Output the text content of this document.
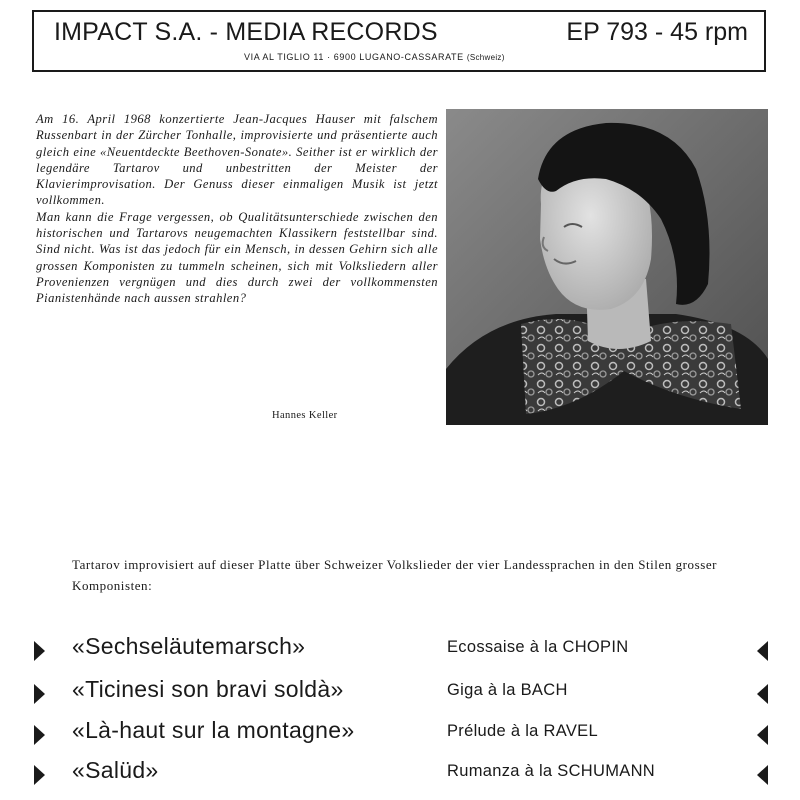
IMPACT S.A. - MEDIA RECORDS	EP 793 - 45 rpm
VIA AL TIGLIO 11 · 6900 LUGANO-CASSARATE (Schweiz)

Am 16. April 1968 konzertierte Jean-Jacques Hauser mit falschem Russenbart in der Zürcher Tonhalle, improvisierte und präsentierte auch gleich eine «Neuentdeckte Beethoven-Sonate». Seither ist er wirklich der legendäre Tartarov und unbestritten der Meister der Klavierimprovisation. Der Genuss dieser einmaligen Musik ist jetzt vollkommen.

Man kann die Frage vergessen, ob Qualitätsunterschiede zwischen den historischen und Tartarovs neugemachten Klassikern feststellbar sind. Sind nicht. Was ist das jedoch für ein Mensch, in dessen Gehirn sich alle grossen Komponisten zu tummeln scheinen, sich mit Volksliedern aller Provenienzen vergnügen und dies durch zwei der vollkommensten Pianistenhände nach aussen strahlen?

Hannes Keller
Tartarov improvisiert auf dieser Platte über Schweizer Volkslieder der vier Landessprachen in den Stilen grosser Komponisten:
«Sechseläutemarsch»	Ecossaise à la CHOPIN
«Ticinesi son bravi soldà»	Giga à la BACH
«Là-haut sur la montagne»	Prélude à la RAVEL
«Salüd»	Rumanza à la SCHUMANN
